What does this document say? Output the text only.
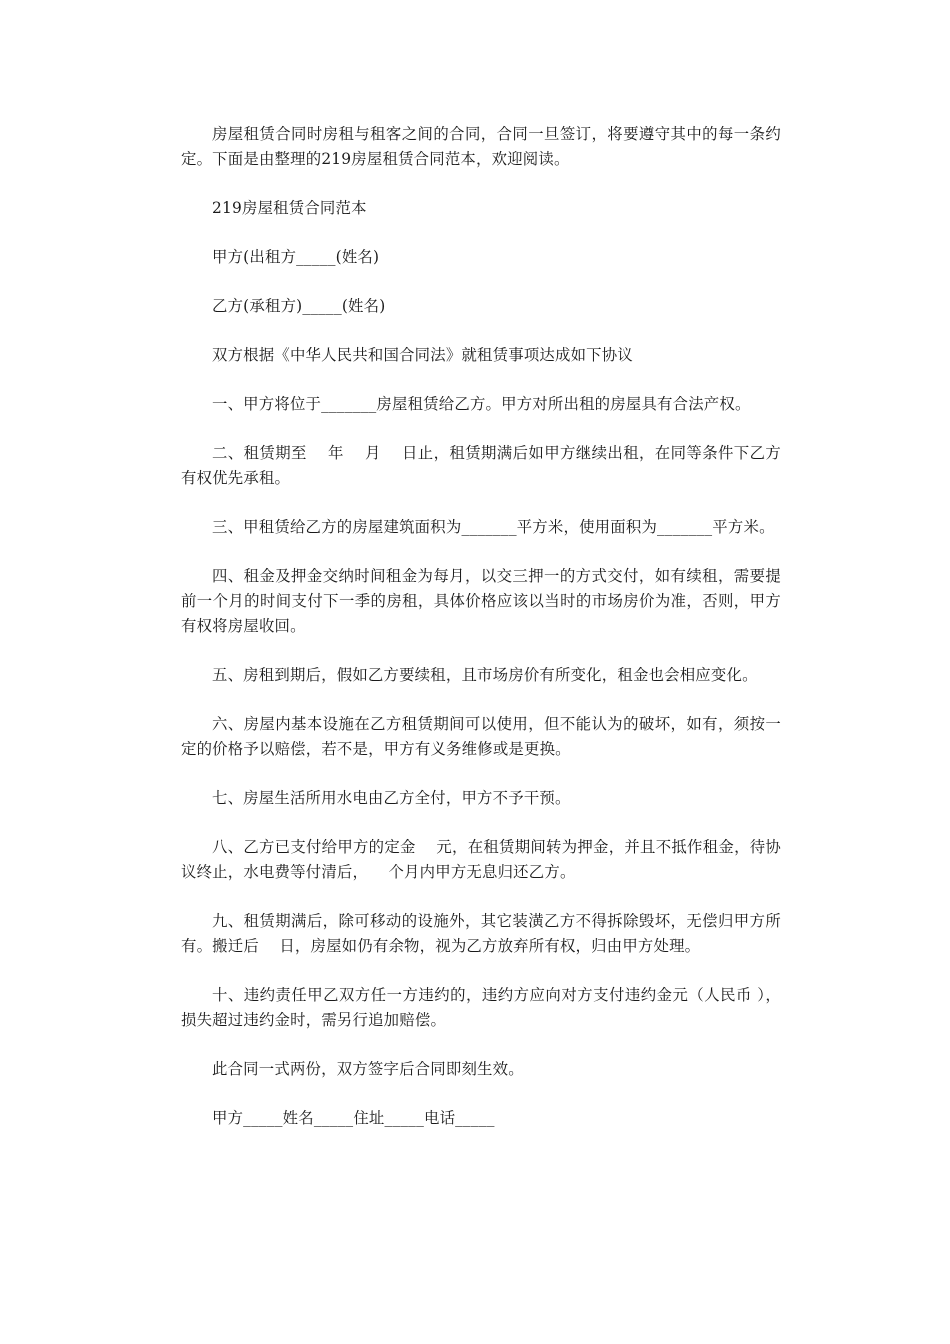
房屋租赁合同时房租与租客之间的合同，合同一旦签订，将要遵守其中的每一条约定。下面是由整理的219房屋租赁合同范本，欢迎阅读。

219房屋租赁合同范本

甲方(出租方_____(姓名)

乙方(承租方)_____(姓名)

双方根据《中华人民共和国合同法》就租赁事项达成如下协议

一、甲方将位于_______房屋租赁给乙方。甲方对所出租的房屋具有合法产权。

二、租赁期至    年    月    日止，租赁期满后如甲方继续出租，在同等条件下乙方有权优先承租。

三、甲租赁给乙方的房屋建筑面积为_______平方米，使用面积为_______平方米。

四、租金及押金交纳时间租金为每月，以交三押一的方式交付，如有续租，需要提前一个月的时间支付下一季的房租，具体价格应该以当时的市场房价为准，否则，甲方有权将房屋收回。

五、房租到期后，假如乙方要续租，且市场房价有所变化，租金也会相应变化。

六、房屋内基本设施在乙方租赁期间可以使用，但不能认为的破坏，如有，须按一定的价格予以赔偿，若不是，甲方有义务维修或是更换。

七、房屋生活所用水电由乙方全付，甲方不予干预。

八、乙方已支付给甲方的定金    元，在租赁期间转为押金，并且不抵作租金，待协议终止，水电费等付清后，    个月内甲方无息归还乙方。

九、租赁期满后，除可移动的设施外，其它装潢乙方不得拆除毁坏，无偿归甲方所有。搬迁后    日，房屋如仍有余物，视为乙方放弃所有权，归由甲方处理。

十、违约责任甲乙双方任一方违约的，违约方应向对方支付违约金元（人民币 ），损失超过违约金时，需另行追加赔偿。

此合同一式两份，双方签字后合同即刻生效。

甲方_____姓名_____住址_____电话_____
